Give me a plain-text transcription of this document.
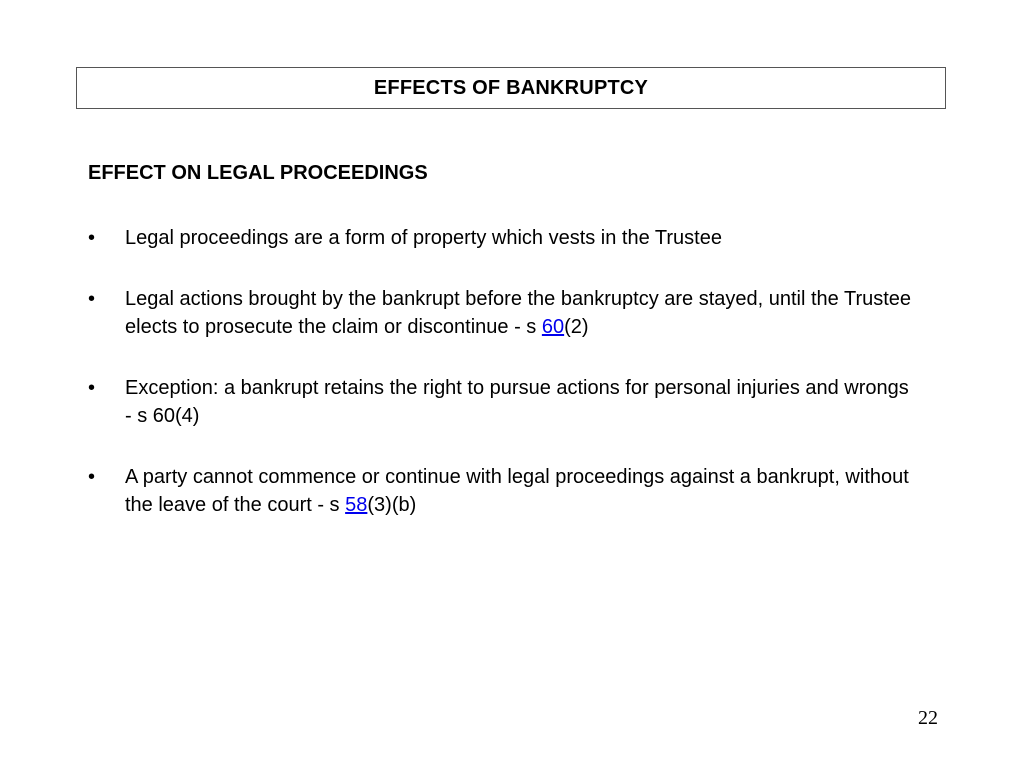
EFFECTS OF BANKRUPTCY
EFFECT ON LEGAL PROCEEDINGS
• Legal proceedings are a form of property which vests in the Trustee
• Legal actions brought by the bankrupt before the bankruptcy are stayed, until the Trustee elects to prosecute the claim or discontinue - s 60(2)
• Exception: a bankrupt retains the right to pursue actions for personal injuries and wrongs - s 60(4)
• A party cannot commence or continue with legal proceedings against a bankrupt, without the leave of the court - s 58(3)(b)
22
